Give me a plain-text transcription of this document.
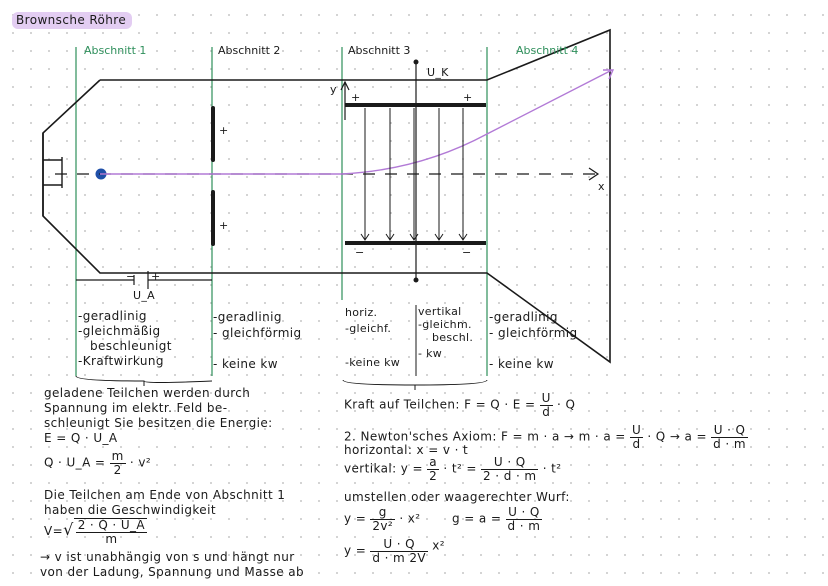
Brownsche Röhre
Abschnitt 1	Abschnitt 2	Abschnitt 3	Abschnitt 4
y
x
U_K
U_A
+
+
+	+
−	−
− +
-geradlinig
-gleichmäßig
beschleunigt
-Kraftwirkung
-geradlinig
- gleichförmig
- keine kw
horiz.
-gleichf.
-keine kw
vertikal
-gleichm.
beschl.
- kw
-geradlinig
- gleichförmig
- keine kw
geladene Teilchen werden durch
Spannung im elektr. Feld be-
schleunigt Sie besitzen die Energie:
E = Q · U_A
Q · U_A = $\frac{m}{2} \cdot v^2$
Die Teilchen am Ende von Abschnitt 1
haben die Geschwindigkeit
$V=√ \frac{2 \cdot Q \cdot U\_A}{m}$
→ v ist unabhängig von s und hängt nur
von der Ladung, Spannung und Masse ab
Kraft auf Teilchen: $F = Q \cdot E = \frac{U}{d} \cdot Q$
2. Newton'sches Axiom: $F = m \cdot a \to m \cdot a = \frac{U}{d} \cdot Q \to a = \frac{U \cdot Q}{d \cdot m}$
horizontal: x = v · t
vertikal: $y = \frac{a}{2} \cdot t^2 = \frac{U \cdot Q}{2 \cdot d \cdot m} \cdot t^2$
umstellen oder waagerechter Wurf:
$y = \frac{g}{\text{2v²}} \cdot x^2$	$g = a = \frac{U \cdot Q}{d \cdot m}$
$y = \frac{U \cdot Q}{d \cdot m 2V} x^2$
